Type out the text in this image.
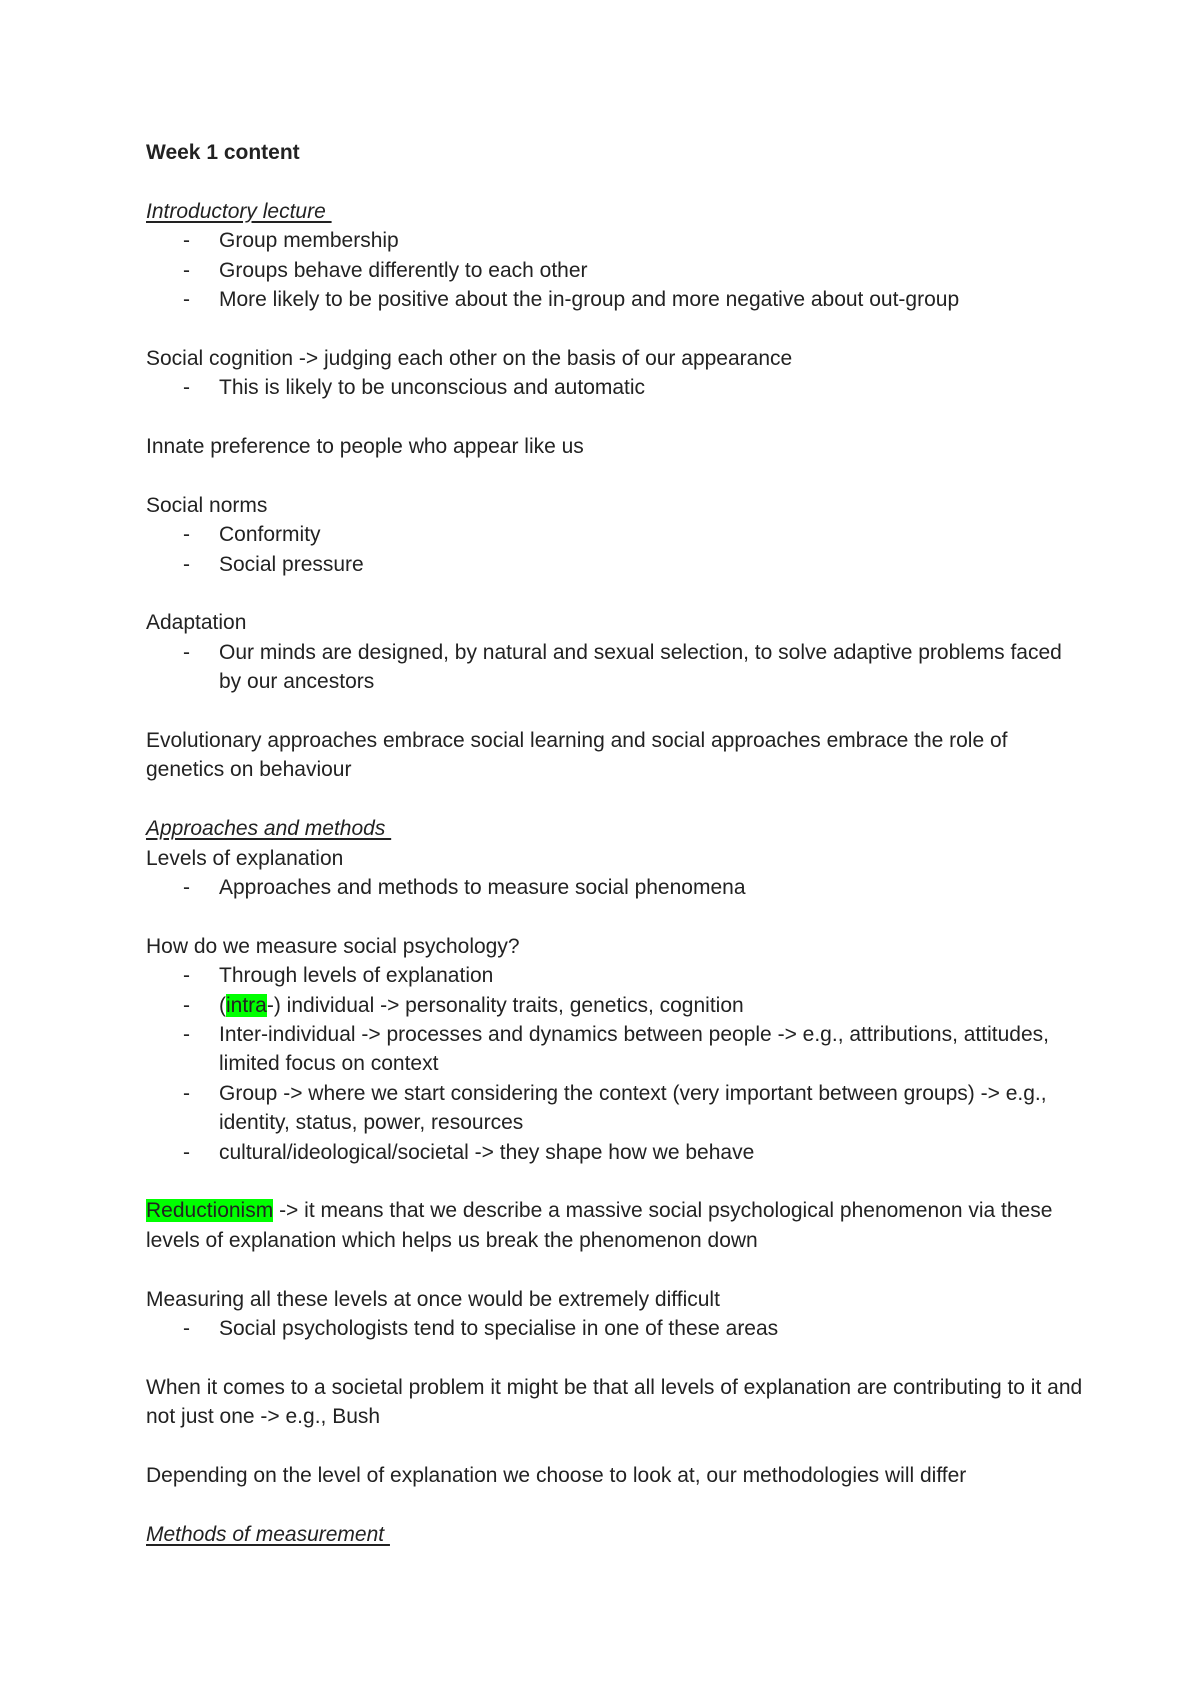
Week 1 content

Introductory lecture

- Group membership
- Groups behave differently to each other
- More likely to be positive about the in-group and more negative about out-group

Social cognition -> judging each other on the basis of our appearance

- This is likely to be unconscious and automatic

Innate preference to people who appear like us

Social norms

- Conformity
- Social pressure

Adaptation

- Our minds are designed, by natural and sexual selection, to solve adaptive problems faced by our ancestors

Evolutionary approaches embrace social learning and social approaches embrace the role of genetics on behaviour

Approaches and methods

Levels of explanation

- Approaches and methods to measure social phenomena

How do we measure social psychology?

- Through levels of explanation
- (intra-) individual -> personality traits, genetics, cognition
- Inter-individual -> processes and dynamics between people -> e.g., attributions, attitudes, limited focus on context
- Group -> where we start considering the context (very important between groups) -> e.g., identity, status, power, resources
- cultural/ideological/societal -> they shape how we behave

Reductionism -> it means that we describe a massive social psychological phenomenon via these levels of explanation which helps us break the phenomenon down

Measuring all these levels at once would be extremely difficult

- Social psychologists tend to specialise in one of these areas

When it comes to a societal problem it might be that all levels of explanation are contributing to it and not just one -> e.g., Bush

Depending on the level of explanation we choose to look at, our methodologies will differ

Methods of measurement
